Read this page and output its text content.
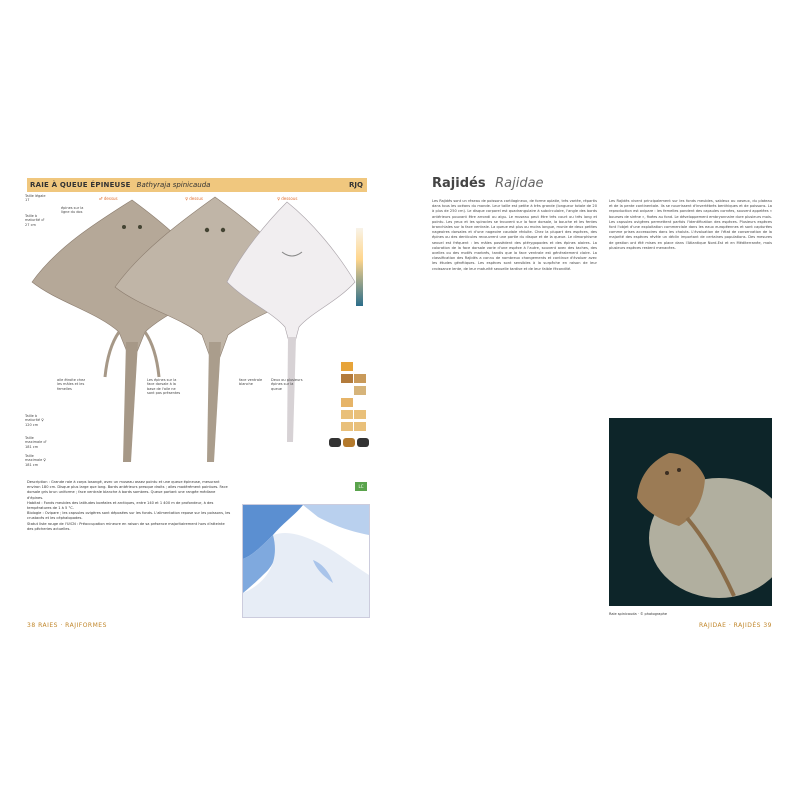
RAIE À QUEUE ÉPINEUSE Bathyraja spinicauda	RJQ
♂ dessus	♀ dessus	♀ dessous
Taille légale 17
Taille à maturité ♂ 27 cm
Taille à maturité ♀ 120 cm
Taille maximale ♂ 181 cm
Taille maximale ♀ 181 cm
épines sur la ligne du dos
aile étroite chez les mâles et les femelles
Les épines sur la face dorsale à la base de l'aile ne sont pas présentes
face ventrale blanche
Deux ou plusieurs épines sur la queue
LC
Description : Grande raie à corps losangé, avec un museau assez pointu et une queue épineuse, mesurant environ 180 cm. Disque plus large que long. Bords antérieurs presque droits ; ailes modérément pointues. Face dorsale gris brun uniforme ; face ventrale blanche à bords sombres. Queue portant une rangée médiane d'épines.
Habitat : Fonds meubles des latitudes boréales et arctiques, entre 140 et 1 400 m de profondeur, à des températures de 1 à 5 °C.
Biologie : Ovipare ; les capsules ovigères sont déposées sur les fonds. L'alimentation repose sur les poissons, les crustacés et les céphalopodes.
Statut liste rouge de l'UICN : Préoccupation mineure en raison de sa présence majoritairement hors d'atteinte des pêcheries actuelles.
38 RAIES · RAJIFORMES
Rajidés Rajidae
Les Rajidés sont un réseau de poissons cartilagineux, de forme aplatie, très variée, répartis dans tous les océans du monde. Leur taille est petite à très grande (longueur totale de 20 à plus de 250 cm). Le disque corporel est quadrangulaire à subcirculaire, l'angle des bords antérieurs pouvant être arrondi ou aigu. Le museau peut être très court ou très long et pointu. Les yeux et les spiracles se trouvent sur la face dorsale, la bouche et les fentes branchiales sur la face ventrale. La queue est plus ou moins longue, munie de deux petites nageoires dorsales et d'une nageoire caudale réduite. Chez la plupart des espèces, des épines ou des denticules recouvrent une partie du disque et de la queue. Le dimorphisme sexuel est fréquent : les mâles possèdent des ptérygopodes et des épines alaires. La coloration de la face dorsale varie d'une espèce à l'autre, souvent avec des taches, des ocelles ou des motifs marbrés, tandis que la face ventrale est généralement claire. La classification des Rajidés a connu de nombreux changements et continue d'évoluer avec les études génétiques. Les espèces sont sensibles à la surpêche en raison de leur croissance lente, de leur maturité sexuelle tardive et de leur faible fécondité.
Les Rajidés vivent principalement sur les fonds meubles, sableux ou vaseux, du plateau et de la pente continentale. Ils se nourrissent d'invertébrés benthiques et de poissons. La reproduction est ovipare : les femelles pondent des capsules cornées, souvent appelées « bourses de sirène », fixées au fond. Le développement embryonnaire dure plusieurs mois. Les capsules ovigères permettent parfois l'identification des espèces. Plusieurs espèces font l'objet d'une exploitation commerciale dans les eaux européennes et sont capturées comme prises accessoires dans les chaluts. L'évaluation de l'état de conservation de la majorité des espèces révèle un déclin important de certaines populations. Des mesures de gestion ont été mises en place dans l'Atlantique Nord-Est et en Méditerranée, mais plusieurs espèces restent menacées.
Raie spinicauda · © photographe
RAJIDAE · RAJIDÉS 39
